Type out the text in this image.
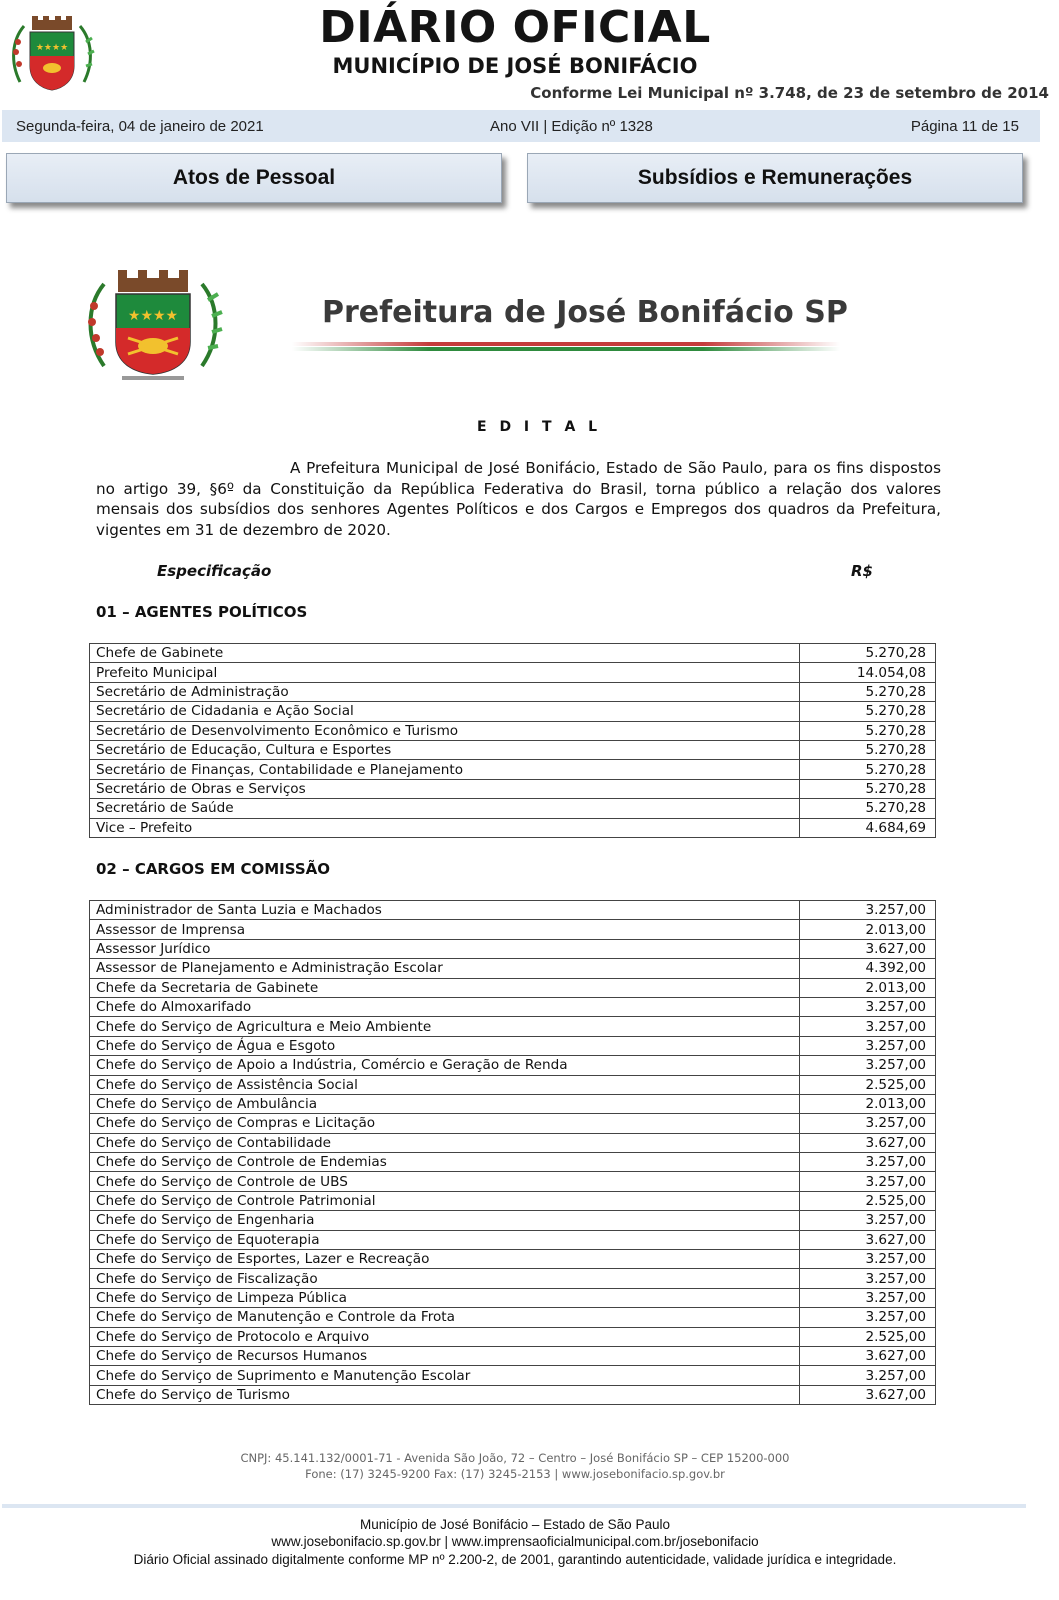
★★★★	DIÁRIO OFICIAL
MUNICÍPIO DE JOSÉ BONIFÁCIO
Conforme Lei Municipal nº 3.748, de 23 de setembro de 2014
Segunda-feira, 04 de janeiro de 2021	Ano VII | Edição nº 1328	Página 11 de 15
Atos de Pessoal	Subsídios e Remunerações
★★★★	Prefeitura de José Bonifácio SP
E D I T A L
A Prefeitura Municipal de José Bonifácio, Estado de São Paulo, para os fins dispostos no artigo 39, §6º da Constituição da República Federativa do Brasil, torna público a relação dos valores mensais dos subsídios dos senhores Agentes Políticos e dos Cargos e Empregos dos quadros da Prefeitura, vigentes em 31 de dezembro de 2020.
Especificação	R$
01 – AGENTES POLÍTICOS
Chefe de Gabinete	5.270,28
Prefeito Municipal	14.054,08
Secretário de Administração	5.270,28
Secretário de Cidadania e Ação Social	5.270,28
Secretário de Desenvolvimento Econômico e Turismo	5.270,28
Secretário de Educação, Cultura e Esportes	5.270,28
Secretário de Finanças, Contabilidade e Planejamento	5.270,28
Secretário de Obras e Serviços	5.270,28
Secretário de Saúde	5.270,28
Vice – Prefeito	4.684,69
02 – CARGOS EM COMISSÃO
Administrador de Santa Luzia e Machados	3.257,00
Assessor de Imprensa	2.013,00
Assessor Jurídico	3.627,00
Assessor de Planejamento e Administração Escolar	4.392,00
Chefe da Secretaria de Gabinete	2.013,00
Chefe do Almoxarifado	3.257,00
Chefe do Serviço de Agricultura e Meio Ambiente	3.257,00
Chefe do Serviço de Água e Esgoto	3.257,00
Chefe do Serviço de Apoio a Indústria, Comércio e Geração de Renda	3.257,00
Chefe do Serviço de Assistência Social	2.525,00
Chefe do Serviço de Ambulância	2.013,00
Chefe do Serviço de Compras e Licitação	3.257,00
Chefe do Serviço de Contabilidade	3.627,00
Chefe do Serviço de Controle de Endemias	3.257,00
Chefe do Serviço de Controle de UBS	3.257,00
Chefe do Serviço de Controle Patrimonial	2.525,00
Chefe do Serviço de Engenharia	3.257,00
Chefe do Serviço de Equoterapia	3.627,00
Chefe do Serviço de Esportes, Lazer e Recreação	3.257,00
Chefe do Serviço de Fiscalização	3.257,00
Chefe do Serviço de Limpeza Pública	3.257,00
Chefe do Serviço de Manutenção e Controle da Frota	3.257,00
Chefe do Serviço de Protocolo e Arquivo	2.525,00
Chefe do Serviço de Recursos Humanos	3.627,00
Chefe do Serviço de Suprimento e Manutenção Escolar	3.257,00
Chefe do Serviço de Turismo	3.627,00
CNPJ: 45.141.132/0001-71 - Avenida São João, 72 – Centro – José Bonifácio SP – CEP 15200-000
Fone: (17) 3245-9200 Fax: (17) 3245-2153 | www.josebonifacio.sp.gov.br
Município de José Bonifácio – Estado de São Paulo
www.josebonifacio.sp.gov.br | www.imprensaoficialmunicipal.com.br/josebonifacio
Diário Oficial assinado digitalmente conforme MP nº 2.200-2, de 2001, garantindo autenticidade, validade jurídica e integridade.
